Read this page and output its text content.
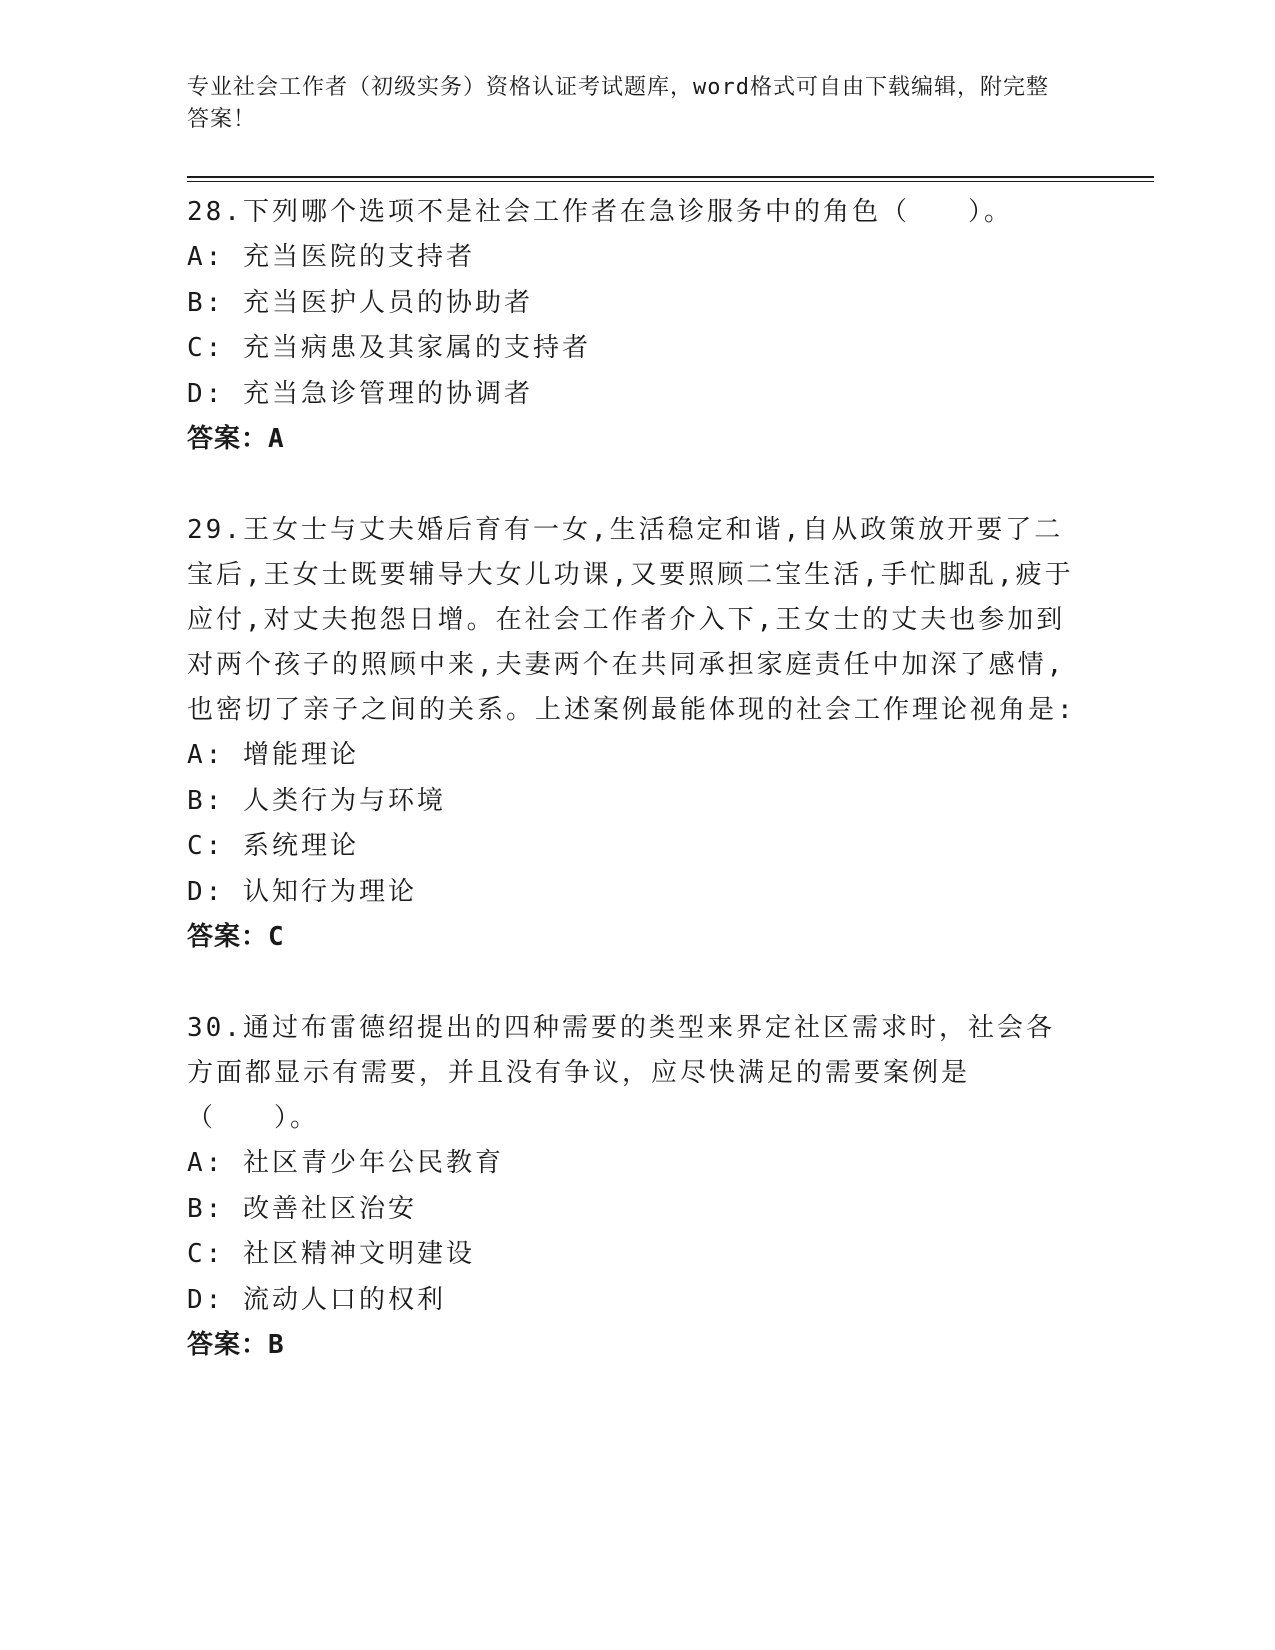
专业社会工作者（初级实务）资格认证考试题库，word格式可自由下载编辑，附完整答案！
28.下列哪个选项不是社会工作者在急诊服务中的角色（　　）。
A: 充当医院的支持者
B: 充当医护人员的协助者
C: 充当病患及其家属的支持者
D: 充当急诊管理的协调者
答案：A
29.王女士与丈夫婚后育有一女,生活稳定和谐,自从政策放开要了二宝后,王女士既要辅导大女儿功课,又要照顾二宝生活,手忙脚乱,疲于应付,对丈夫抱怨日增。在社会工作者介入下,王女士的丈夫也参加到对两个孩子的照顾中来,夫妻两个在共同承担家庭责任中加深了感情,也密切了亲子之间的关系。上述案例最能体现的社会工作理论视角是:
A: 增能理论
B: 人类行为与环境
C: 系统理论
D: 认知行为理论
答案：C
30.通过布雷德绍提出的四种需要的类型来界定社区需求时，社会各方面都显示有需要，并且没有争议，应尽快满足的需要案例是（　　）。
A: 社区青少年公民教育
B: 改善社区治安
C: 社区精神文明建设
D: 流动人口的权利
答案：B
